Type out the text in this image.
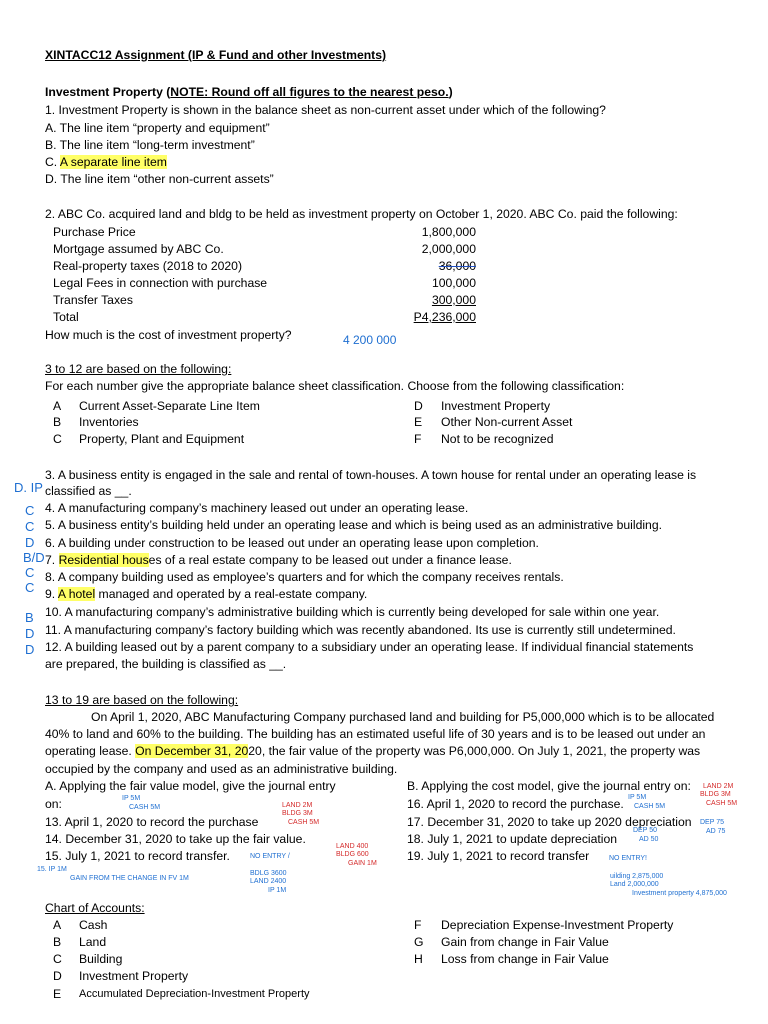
XINTACC12 Assignment (IP & Fund and other Investments)
Investment Property (NOTE: Round off all figures to the nearest peso.)
1. Investment Property is shown in the balance sheet as non-current asset under which of the following?
A. The line item “property and equipment”
B. The line item “long-term investment”
C. A separate line item
D. The line item “other non-current assets”
2. ABC Co. acquired land and bldg to be held as investment property on October 1, 2020. ABC Co. paid the following:
Purchase Price	1,800,000
Mortgage assumed by ABC Co.	2,000,000
Real-property taxes (2018 to 2020)	36,000
Legal Fees in connection with purchase	100,000
Transfer Taxes	300,000
Total	P4,236,000
How much is the cost of investment property?	4 200 000
3 to 12 are based on the following:
For each number give the appropriate balance sheet classification. Choose from the following classification:
A Current Asset-Separate Line Item
B Inventories
C Property, Plant and Equipment
D Investment Property
E Other Non-current Asset
F Not to be recognized
3. A business entity is engaged in the sale and rental of town-houses. A town house for rental under an operating lease is
classified as __.
4. A manufacturing company’s machinery leased out under an operating lease.
5. A business entity’s building held under an operating lease and which is being used as an administrative building.
6. A building under construction to be leased out under an operating lease upon completion.
7. Residential houses of a real estate company to be leased out under a finance lease.
8. A company building used as employee’s quarters and for which the company receives rentals.
9. A hotel managed and operated by a real-estate company.
10. A manufacturing company’s administrative building which is currently being developed for sale within one year.
11. A manufacturing company’s factory building which was recently abandoned. Its use is currently still undetermined.
12. A building leased out by a parent company to a subsidiary under an operating lease. If individual financial statements
are prepared, the building is classified as __.
D. IP
C
C
D
B/D
C
C
B
D
D
13 to 19 are based on the following:
On April 1, 2020, ABC Manufacturing Company purchased land and building for P5,000,000 which is to be allocated
40% to land and 60% to the building. The building has an estimated useful life of 30 years and is to be leased out under an
operating lease. On December 31, 2020, the fair value of the property was P6,000,000. On July 1, 2021, the property was
occupied by the company and used as an administrative building.
A. Applying the fair value model, give the journal entry
on:
13. April 1, 2020 to record the purchase
14. December 31, 2020 to take up the fair value.
15. July 1, 2021 to record transfer.
B. Applying the cost model, give the journal entry on:
16. April 1, 2020 to record the purchase.
17. December 31, 2020 to take up 2020 depreciation
18. July 1, 2021 to update depreciation
19. July 1, 2021 to record transfer
IP 5M
CASH 5M	LAND 2M
BLDG 3M
CASH 5M
NO ENTRY /
LAND 400
BLDG 600
GAIN 1M
15. IP 1M
GAIN FROM THE CHANGE IN FV 1M
BDLG 3600
LAND 2400
IP 1M
IP 5M
CASH 5M
LAND 2M
BLDG 3M
CASH 5M
DEP 50
AD 50
DEP 75
AD 75
NO ENTRY!
uilding 2,875,000
Land 2,000,000
Investment property 4,875,000
Chart of Accounts:
A Cash
B Land
C Building
D Investment Property
E Accumulated Depreciation-Investment Property
F Depreciation Expense-Investment Property
G Gain from change in Fair Value
H Loss from change in Fair Value
